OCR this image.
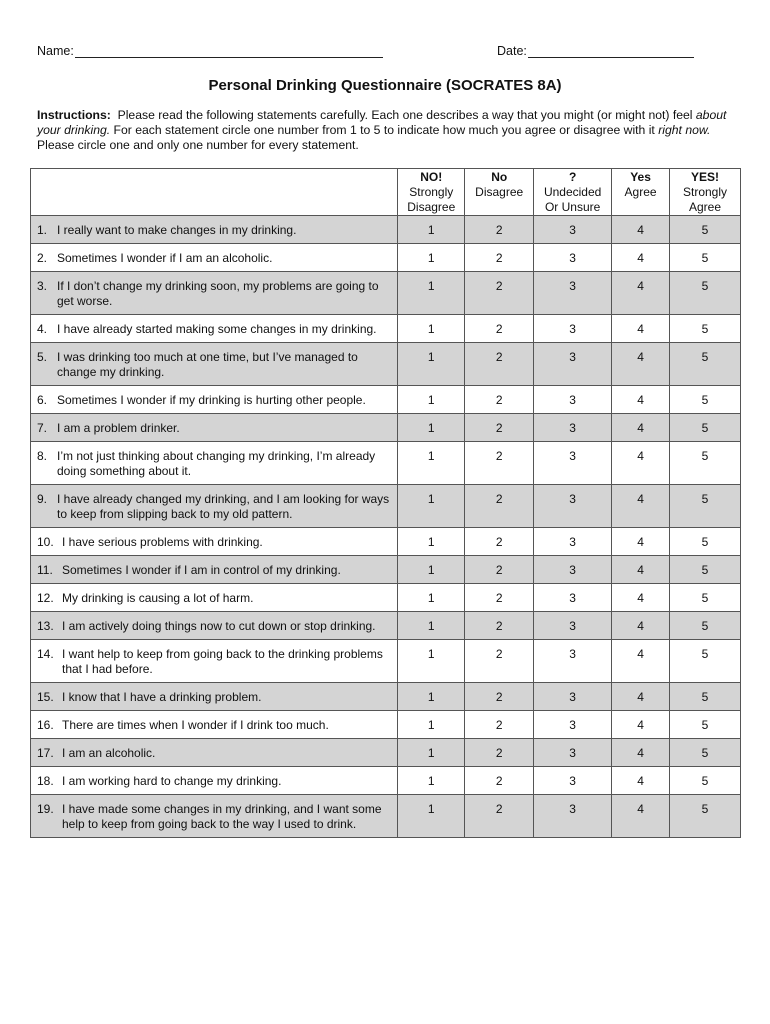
Name:	Date:
Personal Drinking Questionnaire (SOCRATES 8A)
Instructions: Please read the following statements carefully. Each one describes a way that you might (or might not) feel about your drinking. For each statement circle one number from 1 to 5 to indicate how much you agree or disagree with it right now. Please circle one and only one number for every statement.

	NO!
Strongly
Disagree	No
Disagree	?
Undecided
Or Unsure	Yes
Agree	YES!
Strongly
Agree

1. I really want to make changes in my drinking.	1	2	3	4	5

2. Sometimes I wonder if I am an alcoholic.	1	2	3	4	5

3. If I don’t change my drinking soon, my problems are going to get worse.	1	2	3	4	5

4. I have already started making some changes in my drinking.	1	2	3	4	5

5. I was drinking too much at one time, but I’ve managed to change my drinking.	1	2	3	4	5

6. Sometimes I wonder if my drinking is hurting other people.	1	2	3	4	5

7. I am a problem drinker.	1	2	3	4	5

8. I’m not just thinking about changing my drinking, I’m already doing something about it.	1	2	3	4	5

9. I have already changed my drinking, and I am looking for ways to keep from slipping back to my old pattern.	1	2	3	4	5

10. I have serious problems with drinking.	1	2	3	4	5

11. Sometimes I wonder if I am in control of my drinking.	1	2	3	4	5

12. My drinking is causing a lot of harm.	1	2	3	4	5

13. I am actively doing things now to cut down or stop drinking.	1	2	3	4	5

14. I want help to keep from going back to the drinking problems that I had before.	1	2	3	4	5

15. I know that I have a drinking problem.	1	2	3	4	5

16. There are times when I wonder if I drink too much.	1	2	3	4	5

17. I am an alcoholic.	1	2	3	4	5

18. I am working hard to change my drinking.	1	2	3	4	5

19. I have made some changes in my drinking, and I want some help to keep from going back to the way I used to drink.	1	2	3	4	5
